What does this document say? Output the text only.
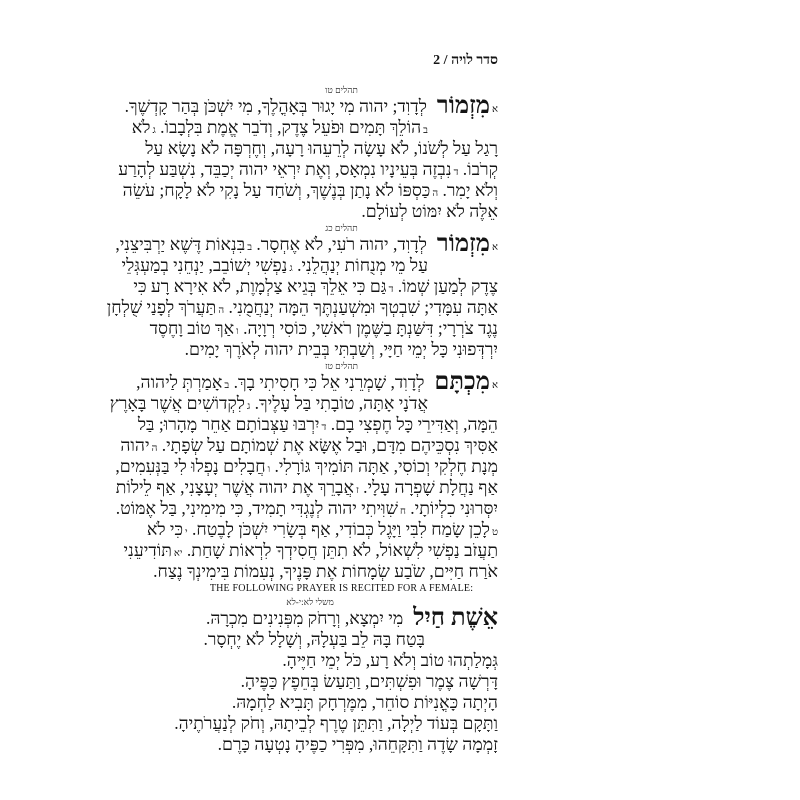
סדר לויה / 2
תהלים טו
אמִזְמוֹרלְדָוִד; יהוה מִי יָגוּר בְּאָהֳלֶךָ, מִי יִשְׁכֹּן בְּהַר קָדְשֶׁךָ.
בהוֹלֵךְ תָּמִים וּפֹעֵל צֶדֶק, וְדֹבֵר אֱמֶת בִּלְבָבוֹ. גלֹא
רָגַל עַל לְשֹׁנוֹ, לֹא עָשָׂה לְרֵעֵהוּ רָעָה, וְחֶרְפָּה לֹא נָשָׂא עַל
קְרֹבוֹ. דנִבְזֶה בְּעֵינָיו נִמְאָס, וְאֶת יִרְאֵי יהוה יְכַבֵּד, נִשְׁבַּע לְהָרַע
וְלֹא יָמִר. הכַּסְפּוֹ לֹא נָתַן בְּנֶשֶׁךְ, וְשֹׁחַד עַל נָקִי לֹא לָקָח; עֹשֵׂה
אֵלֶּה לֹא יִמּוֹט לְעוֹלָם.
תהלים כג
אמִזְמוֹרלְדָוִד, יהוה רֹעִי, לֹא אֶחְסָר. בבִּנְאוֹת דֶּשֶׁא יַרְבִּיצֵנִי,
עַל מֵי מְנֻחוֹת יְנַהֲלֵנִי. גנַפְשִׁי יְשׁוֹבֵב, יַנְחֵנִי בְמַעְגְּלֵי
צֶדֶק לְמַעַן שְׁמוֹ. דגַּם כִּי אֵלֵךְ בְּגֵיא צַלְמָוֶת, לֹא אִירָא רָע כִּי
אַתָּה עִמָּדִי; שִׁבְטְךָ וּמִשְׁעַנְתֶּךָ הֵמָּה יְנַחֲמֻנִי. התַּעֲרֹךְ לְפָנַי שֻׁלְחָן
נֶגֶד צֹרְרָי; דִּשַּׁנְתָּ בַשֶּׁמֶן רֹאשִׁי, כּוֹסִי רְוָיָה. ואַךְ טוֹב וָחֶסֶד
יִרְדְּפוּנִי כָּל יְמֵי חַיָּי, וְשַׁבְתִּי בְּבֵית יהוה לְאֹרֶךְ יָמִים.
תהלים טז
אמִכְתָּםלְדָוִד, שָׁמְרֵנִי אֵל כִּי חָסִיתִי בָךְ. באָמַרְתְּ לַיהוה,
אֲדֹנָי אָתָּה, טוֹבָתִי בַּל עָלֶיךָ. גלִקְדוֹשִׁים אֲשֶׁר בָּאָרֶץ
הֵמָּה, וְאַדִּירֵי כָּל חֶפְצִי בָם. דיִרְבּוּ עַצְּבוֹתָם אַחֵר מָהָרוּ; בַּל
אַסִּיךְ נִסְכֵּיהֶם מִדָּם, וּבַל אֶשָּׂא אֶת שְׁמוֹתָם עַל שְׂפָתָי. היהוה
מְנָת חֶלְקִי וְכוֹסִי, אַתָּה תּוֹמִיךְ גּוֹרָלִי. וחֲבָלִים נָפְלוּ לִי בַּנְּעִמִים,
אַף נַחֲלָת שָׁפְרָה עָלָי. זאֲבָרֵךְ אֶת יהוה אֲשֶׁר יְעָצָנִי, אַף לֵילוֹת
יִסְּרוּנִי כִלְיוֹתָי. חשִׁוִּיתִי יהוה לְנֶגְדִּי תָמִיד, כִּי מִימִינִי, בַּל אֶמּוֹט.
טלָכֵן שָׂמַח לִבִּי וַיָּגֶל כְּבוֹדִי, אַף בְּשָׂרִי יִשְׁכֹּן לָבֶטַח. יכִּי לֹא
תַעֲזֹב נַפְשִׁי לִשְׁאוֹל, לֹא תִתֵּן חֲסִידְךָ לִרְאוֹת שָׁחַת. יאתּוֹדִיעֵנִי
אֹרַח חַיִּים, שֹׂבַע שְׂמָחוֹת אֶת פָּנֶיךָ, נְעִמוֹת בִּימִינְךָ נֶצַח.
THE FOLLOWING PRAYER IS RECITED FOR A FEMALE:
משלי לא:י-לא
אֵשֶׁת חַיִלמִי יִמְצָא, וְרָחֹק מִפְּנִינִים מִכְרָהּ.
בָּטַח בָּהּ לֵב בַּעְלָהּ, וְשָׁלָל לֹא יֶחְסָר.
גְּמָלַתְהוּ טוֹב וְלֹא רָע, כֹּל יְמֵי חַיֶּיהָ.
דָּרְשָׁה צֶמֶר וּפִשְׁתִּים, וַתַּעַשׂ בְּחֵפֶץ כַּפֶּיהָ.
הָיְתָה כָּאֳנִיּוֹת סוֹחֵר, מִמֶּרְחָק תָּבִיא לַחְמָהּ.
וַתָּקָם בְּעוֹד לַיְלָה, וַתִּתֵּן טֶרֶף לְבֵיתָהּ, וְחֹק לְנַעֲרֹתֶיהָ.
זָמְמָה שָׂדֶה וַתִּקָּחֵהוּ, מִפְּרִי כַפֶּיהָ נָטְעָה כָּרֶם.
